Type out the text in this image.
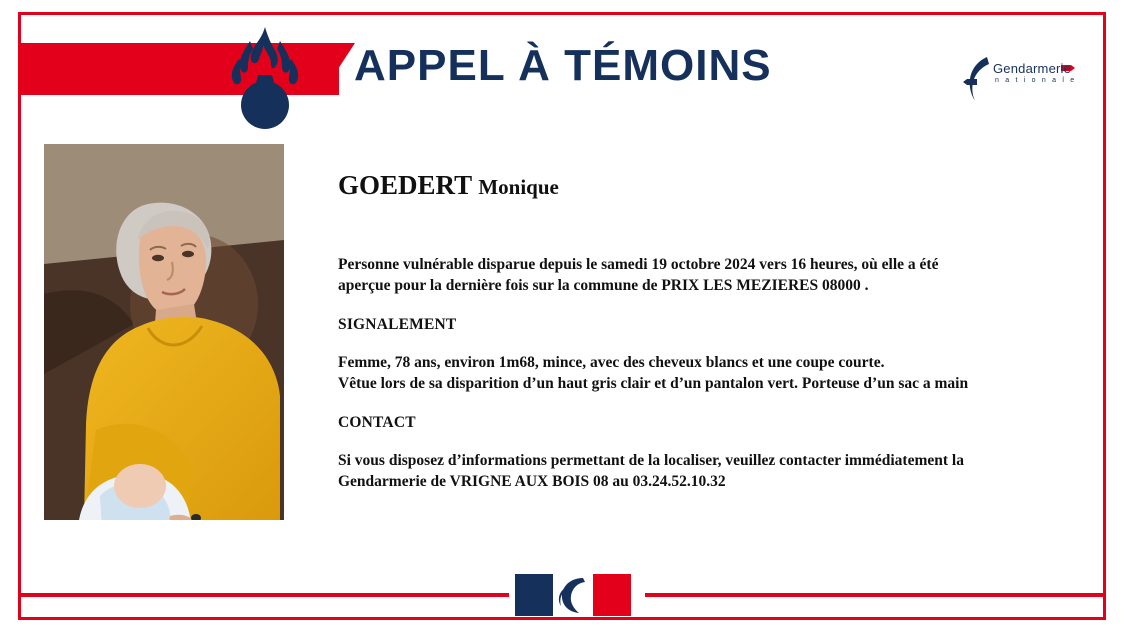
APPEL À TÉMOINS	Gendarmerie
n a t i o n a l e
GOEDERT Monique
Personne vulnérable disparue depuis le samedi 19 octobre 2024 vers 16 heures, où elle a été
aperçue pour la dernière fois sur la commune de PRIX LES MEZIERES 08000 .
SIGNALEMENT
Femme, 78 ans, environ 1m68, mince, avec des cheveux blancs et une coupe courte.
Vêtue lors de sa disparition d’un haut gris clair et d’un pantalon vert. Porteuse d’un sac a main
CONTACT
Si vous disposez d’informations permettant de la localiser, veuillez contacter immédiatement la
Gendarmerie de VRIGNE AUX BOIS 08 au 03.24.52.10.32
